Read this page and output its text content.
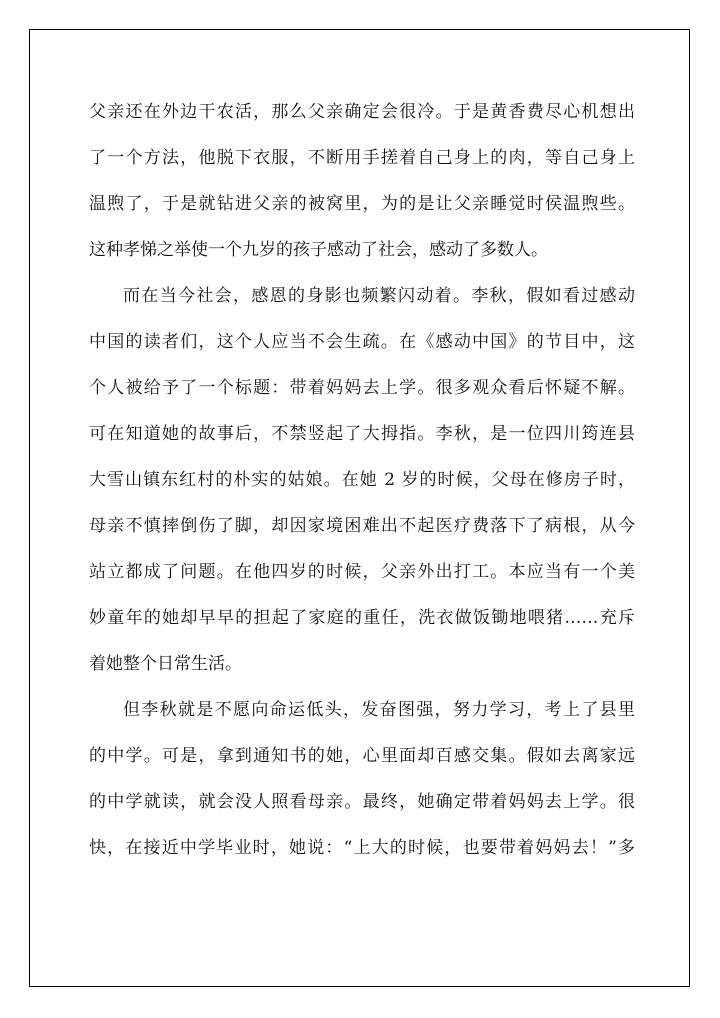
父亲还在外边干农活，那么父亲确定会很冷。于是黄香费尽心机想出

了一个方法，他脱下衣服，不断用手搓着自己身上的肉，等自己身上

温煦了，于是就钻进父亲的被窝里，为的是让父亲睡觉时侯温煦些。

这种孝悌之举使一个九岁的孩子感动了社会，感动了多数人。

而在当今社会，感恩的身影也频繁闪动着。李秋，假如看过感动

中国的读者们，这个人应当不会生疏。在《感动中国》的节目中，这

个人被给予了一个标题：带着妈妈去上学。很多观众看后怀疑不解。

可在知道她的故事后，不禁竖起了大拇指。李秋，是一位四川筠连县

大雪山镇东红村的朴实的姑娘。在她 2 岁的时候，父母在修房子时，

母亲不慎摔倒伤了脚，却因家境困难出不起医疗费落下了病根，从今

站立都成了问题。在他四岁的时候，父亲外出打工。本应当有一个美

妙童年的她却早早的担起了家庭的重任，洗衣做饭锄地喂猪……充斥

着她整个日常生活。

但李秋就是不愿向命运低头，发奋图强，努力学习，考上了县里

的中学。可是，拿到通知书的她，心里面却百感交集。假如去离家远

的中学就读，就会没人照看母亲。最终，她确定带着妈妈去上学。很

快，在接近中学毕业时，她说：“上大的时候，也要带着妈妈去！”多
